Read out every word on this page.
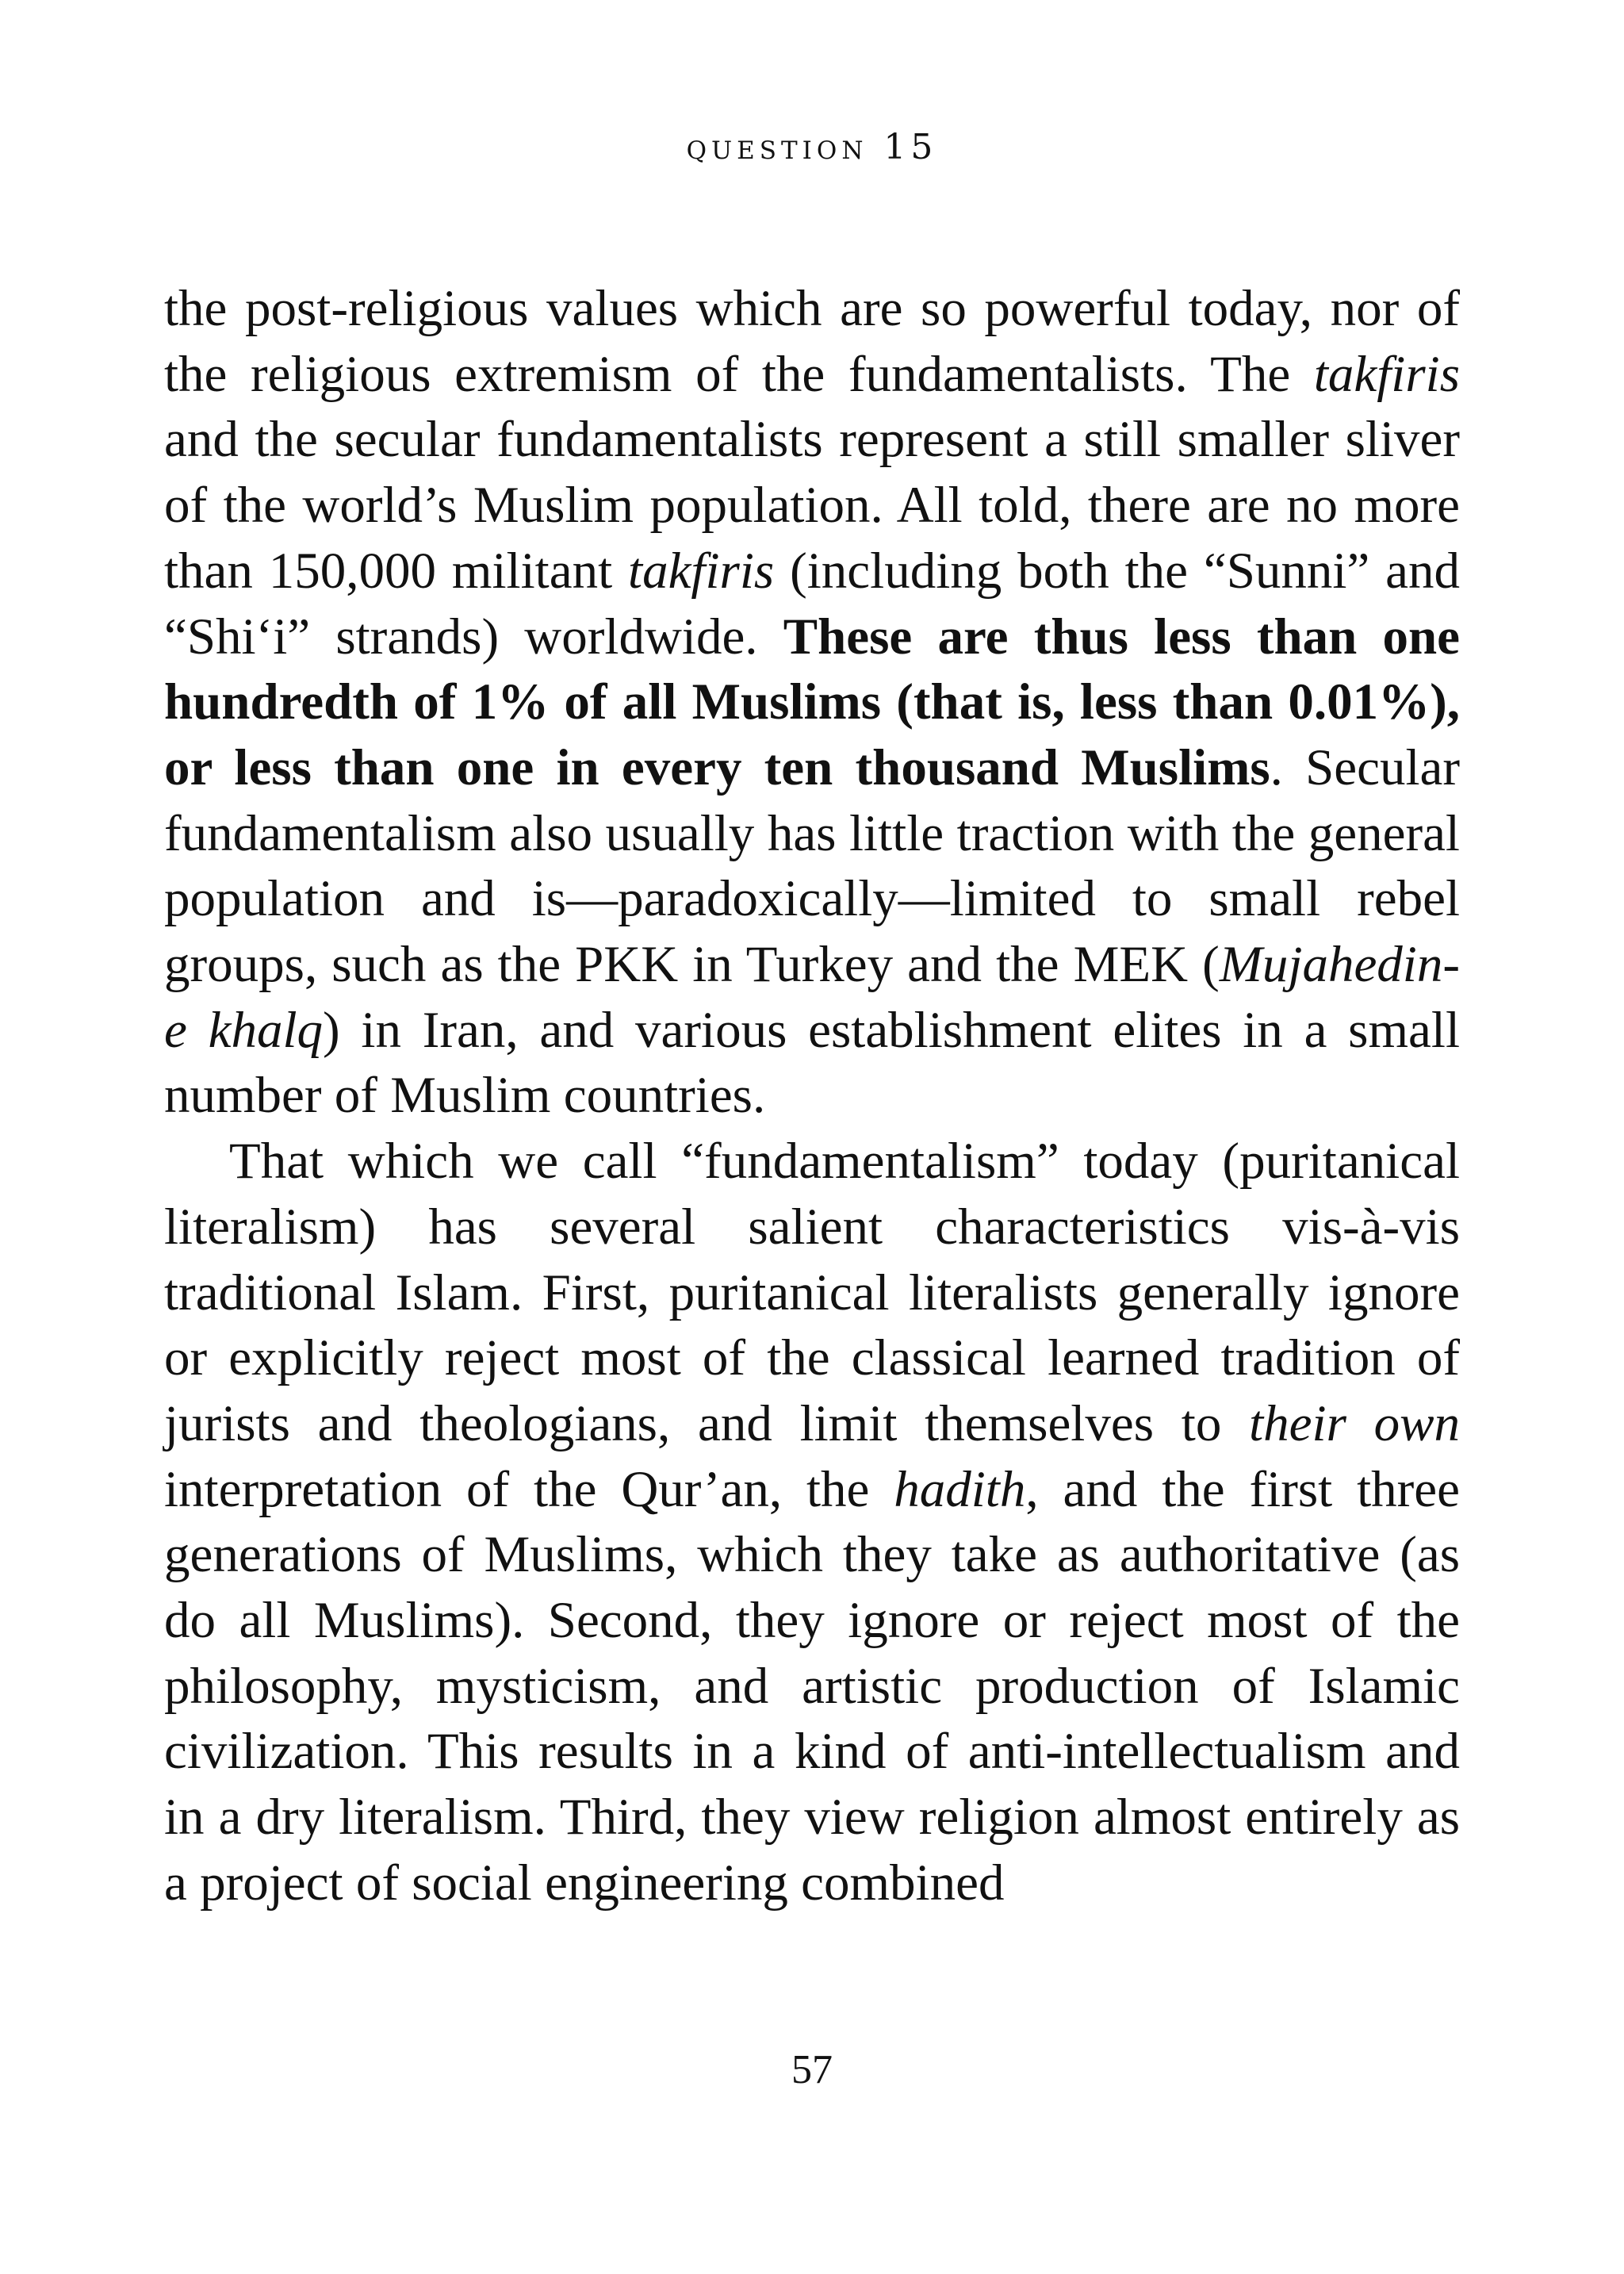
question 15

the post-religious values which are so powerful today, nor of the religious extremism of the fundamentalists. The takfiris and the secular fundamentalists represent a still smaller sliver of the world’s Muslim population. All told, there are no more than 150,000 militant takfiris (including both the “Sunni” and “Shi‘i” strands) worldwide. These are thus less than one hundredth of 1% of all Muslims (that is, less than 0.01%), or less than one in every ten thousand Muslims. Secular fundamentalism also usually has little traction with the general population and is—paradoxically—limited to small rebel groups, such as the PKK in Turkey and the MEK (Mujahedin-e khalq) in Iran, and various establishment elites in a small number of Muslim countries.

That which we call “fundamentalism” today (puritanical literalism) has several salient characteristics vis-à-vis traditional Islam. First, puritanical literalists generally ignore or explicitly reject most of the classical learned tradition of jurists and theologians, and limit themselves to their own interpretation of the Qur’an, the hadith, and the first three generations of Muslims, which they take as authoritative (as do all Muslims). Second, they ignore or reject most of the philosophy, mysticism, and artistic production of Islamic civilization. This results in a kind of anti-intellectualism and in a dry literalism. Third, they view religion almost entirely as a project of social engineering combined

57
